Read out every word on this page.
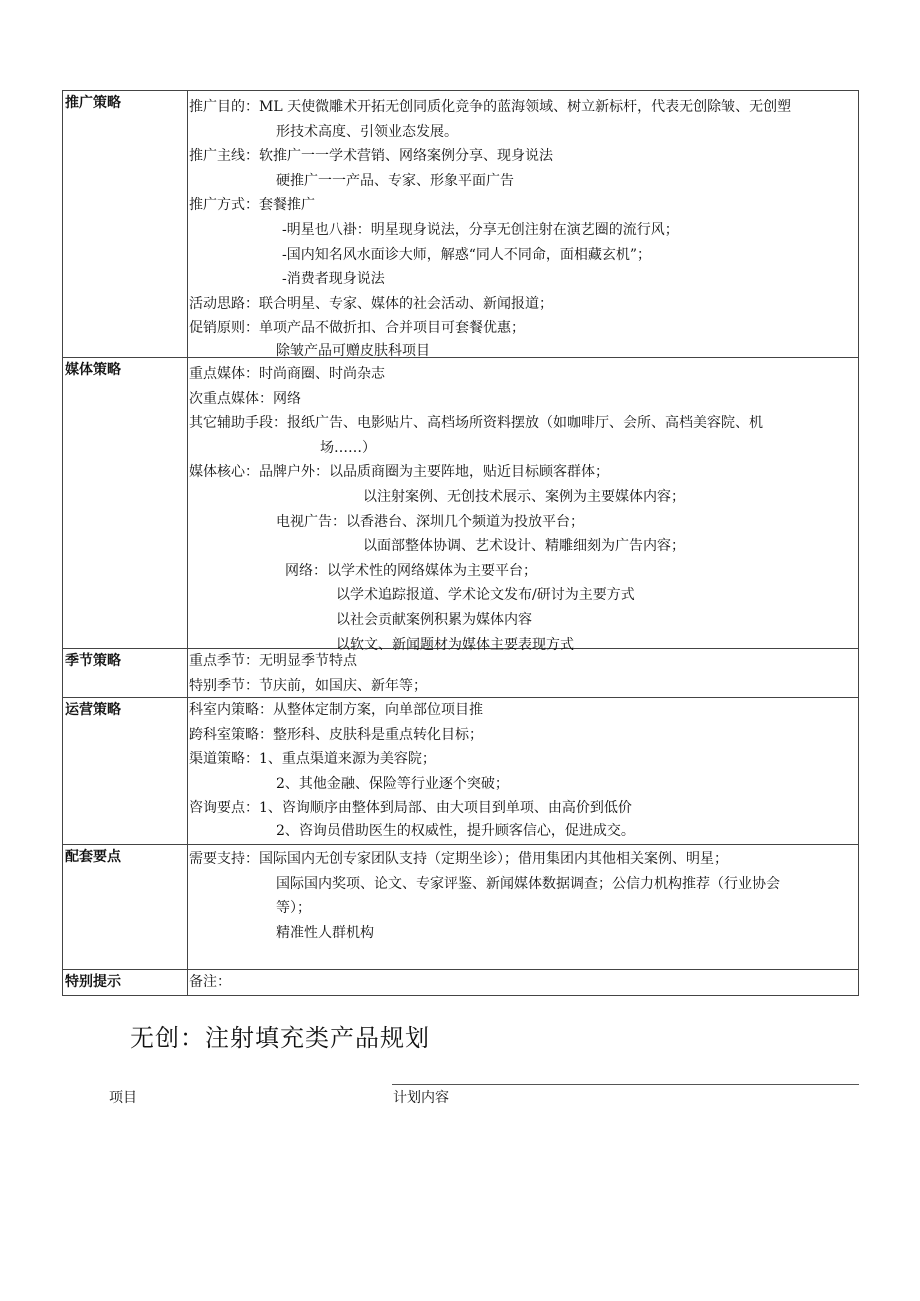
推广策略	推广目的：ML 天使微雕术开拓无创同质化竞争的蓝海领域、树立新标杆，代表无创除皱、无创塑
形技术高度、引领业态发展。
推广主线：软推广一一学术营销、网络案例分享、现身说法
硬推广一一产品、专家、形象平面广告
推广方式：套餐推广
-明星也八褂：明星现身说法，分享无创注射在演艺圈的流行风；
-国内知名风水面诊大师，解惑“同人不同命，面相藏玄机”；
-消费者现身说法
活动思路：联合明星、专家、媒体的社会活动、新闻报道；
促销原则：单项产品不做折扣、合并项目可套餐优惠；
除皱产品可赠皮肤科项目
媒体策略	重点媒体：时尚商圈、时尚杂志
次重点媒体：网络
其它辅助手段：报纸广告、电影贴片、高档场所资料摆放（如咖啡厅、会所、高档美容院、机
场……）
媒体核心：品牌户外：以品质商圈为主要阵地，贴近目标顾客群体；
以注射案例、无创技术展示、案例为主要媒体内容；
电视广告：以香港台、深圳几个频道为投放平台；
以面部整体协调、艺术设计、精雕细刻为广告内容；
网络：以学术性的网络媒体为主要平台；
以学术追踪报道、学术论文发布/研讨为主要方式
以社会贡献案例积累为媒体内容
以软文、新闻题材为媒体主要表现方式
季节策略	重点季节：无明显季节特点
特别季节：节庆前，如国庆、新年等；
运营策略	科室内策略：从整体定制方案，向单部位项目推
跨科室策略：整形科、皮肤科是重点转化目标；
渠道策略：1、重点渠道来源为美容院；
2、其他金融、保险等行业逐个突破；
咨询要点：1、咨询顺序由整体到局部、由大项目到单项、由高价到低价
2、咨询员借助医生的权威性，提升顾客信心，促进成交。
配套要点	需要支持：国际国内无创专家团队支持（定期坐诊）；借用集团内其他相关案例、明星；
国际国内奖项、论文、专家评鉴、新闻媒体数据调查；公信力机构推荐（行业协会
等）；
精准性人群机构
特别提示	备注：
无创：注射填充类产品规划
项目	计划内容
